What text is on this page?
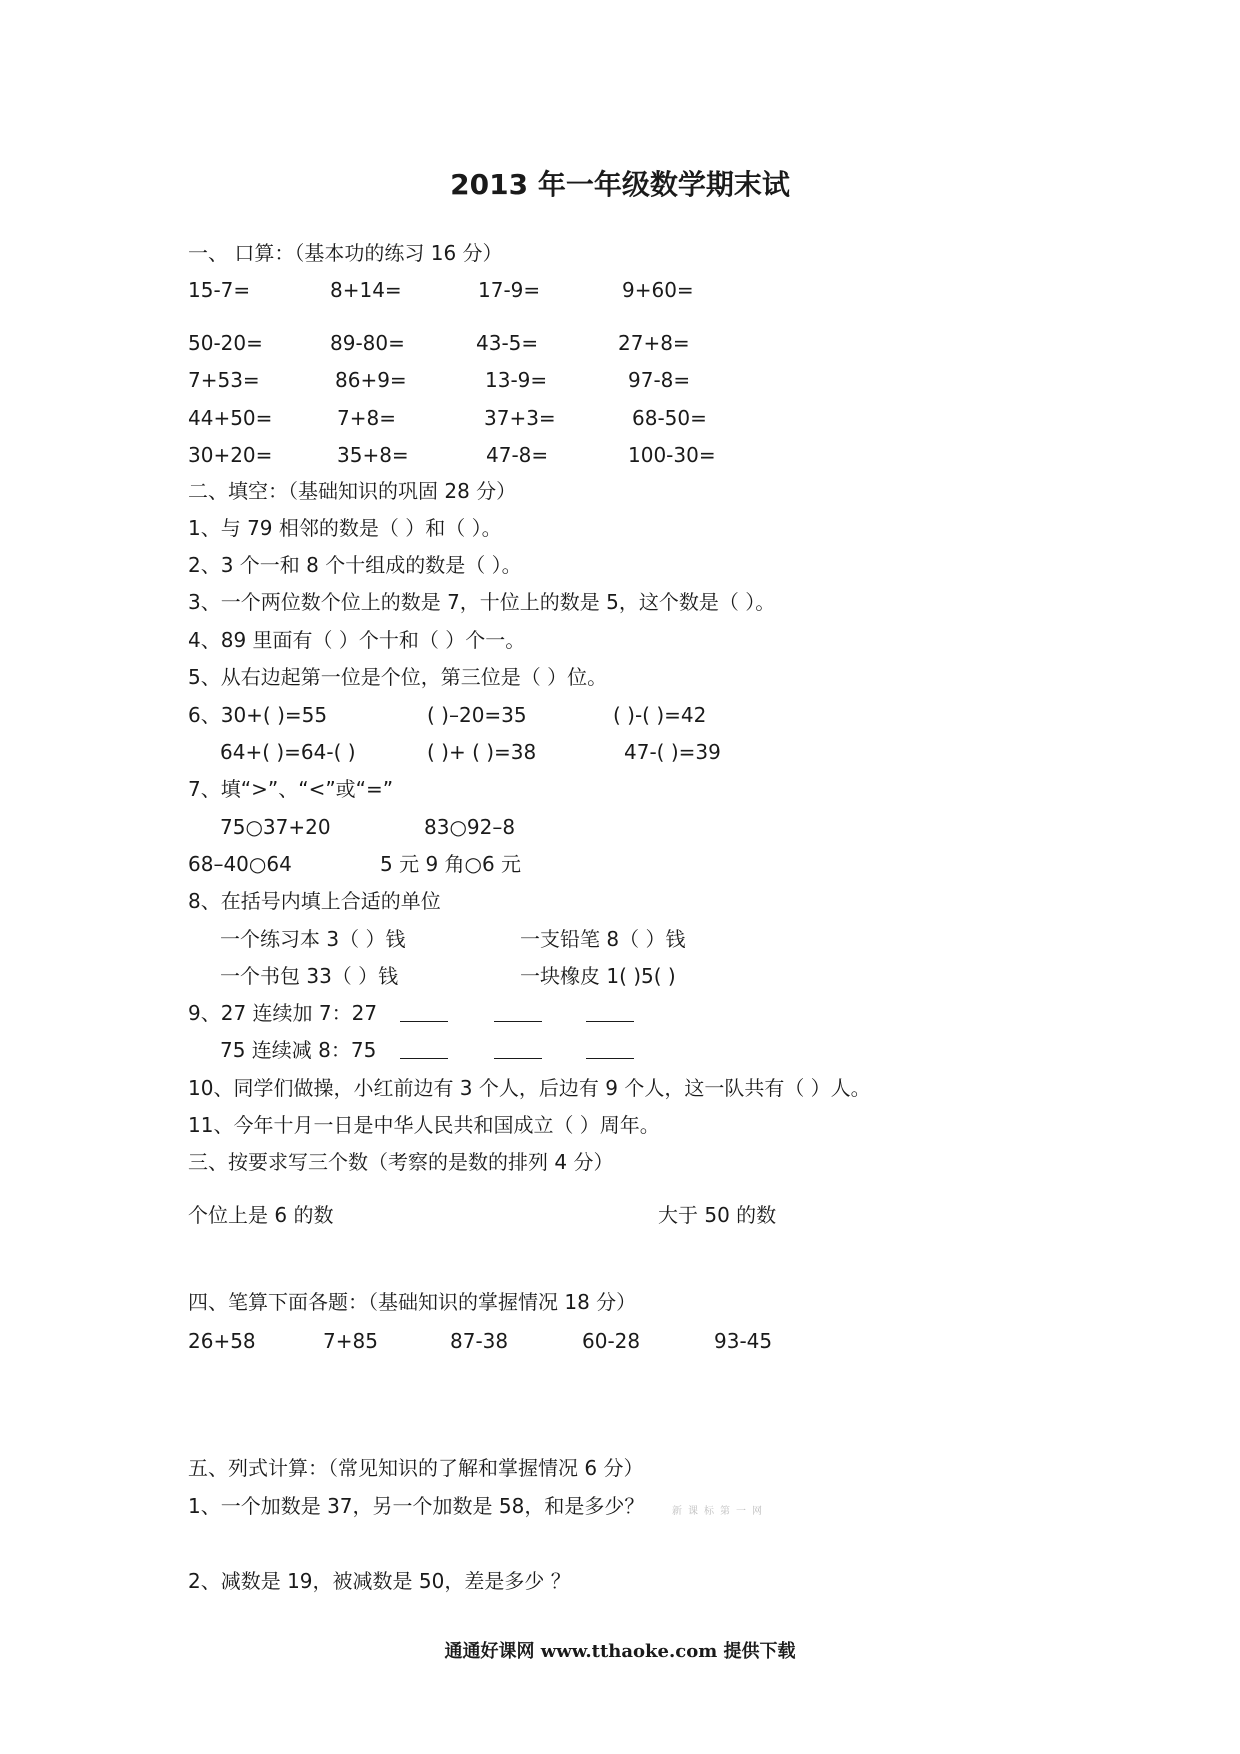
2013 年一年级数学期末试
一、 口算：（基本功的练习 16 分）
15-7=	8+14=	17-9=	9+60=
50-20=	89-80=	43-5=	27+8=
7+53=	86+9=	13-9=	97-8=
44+50=	7+8=	37+3=	68-50=
30+20=	35+8=	47-8=	100-30=
二、填空：（基础知识的巩固 28 分）
1、与 79 相邻的数是（ ）和（ ）。
2、3 个一和 8 个十组成的数是（ ）。
3、一个两位数个位上的数是 7，十位上的数是 5，这个数是（ ）。
4、89 里面有（ ）个十和（ ）个一。
5、从右边起第一位是个位，第三位是（ ）位。
6、30+( )=55	( )–20=35	( )-( )=42
64+( )=64-( )	( )+ ( )=38	47-( )=39
7、填“>”、“<”或“=”
75○37+20	83○92–8
68–40○64	5 元 9 角○6 元
8、在括号内填上合适的单位
一个练习本 3（ ）钱	一支铅笔 8（ ）钱
一个书包 33（ ）钱	一块橡皮 1( )5( )
9、27 连续加 7：27
75 连续减 8：75
10、同学们做操，小红前边有 3 个人，后边有 9 个人，这一队共有（ ）人。
11、今年十月一日是中华人民共和国成立（ ）周年。
三、按要求写三个数（考察的是数的排列 4 分）
个位上是 6 的数	大于 50 的数
四、笔算下面各题：（基础知识的掌握情况 18 分）
26+58	7+85	87-38	60-28	93-45
五、列式计算：（常见知识的了解和掌握情况 6 分）
1、一个加数是 37，另一个加数是 58，和是多少？	新课标第一网
2、减数是 19，被减数是 50，差是多少 ？
通通好课网 www.tthaoke.com 提供下载
